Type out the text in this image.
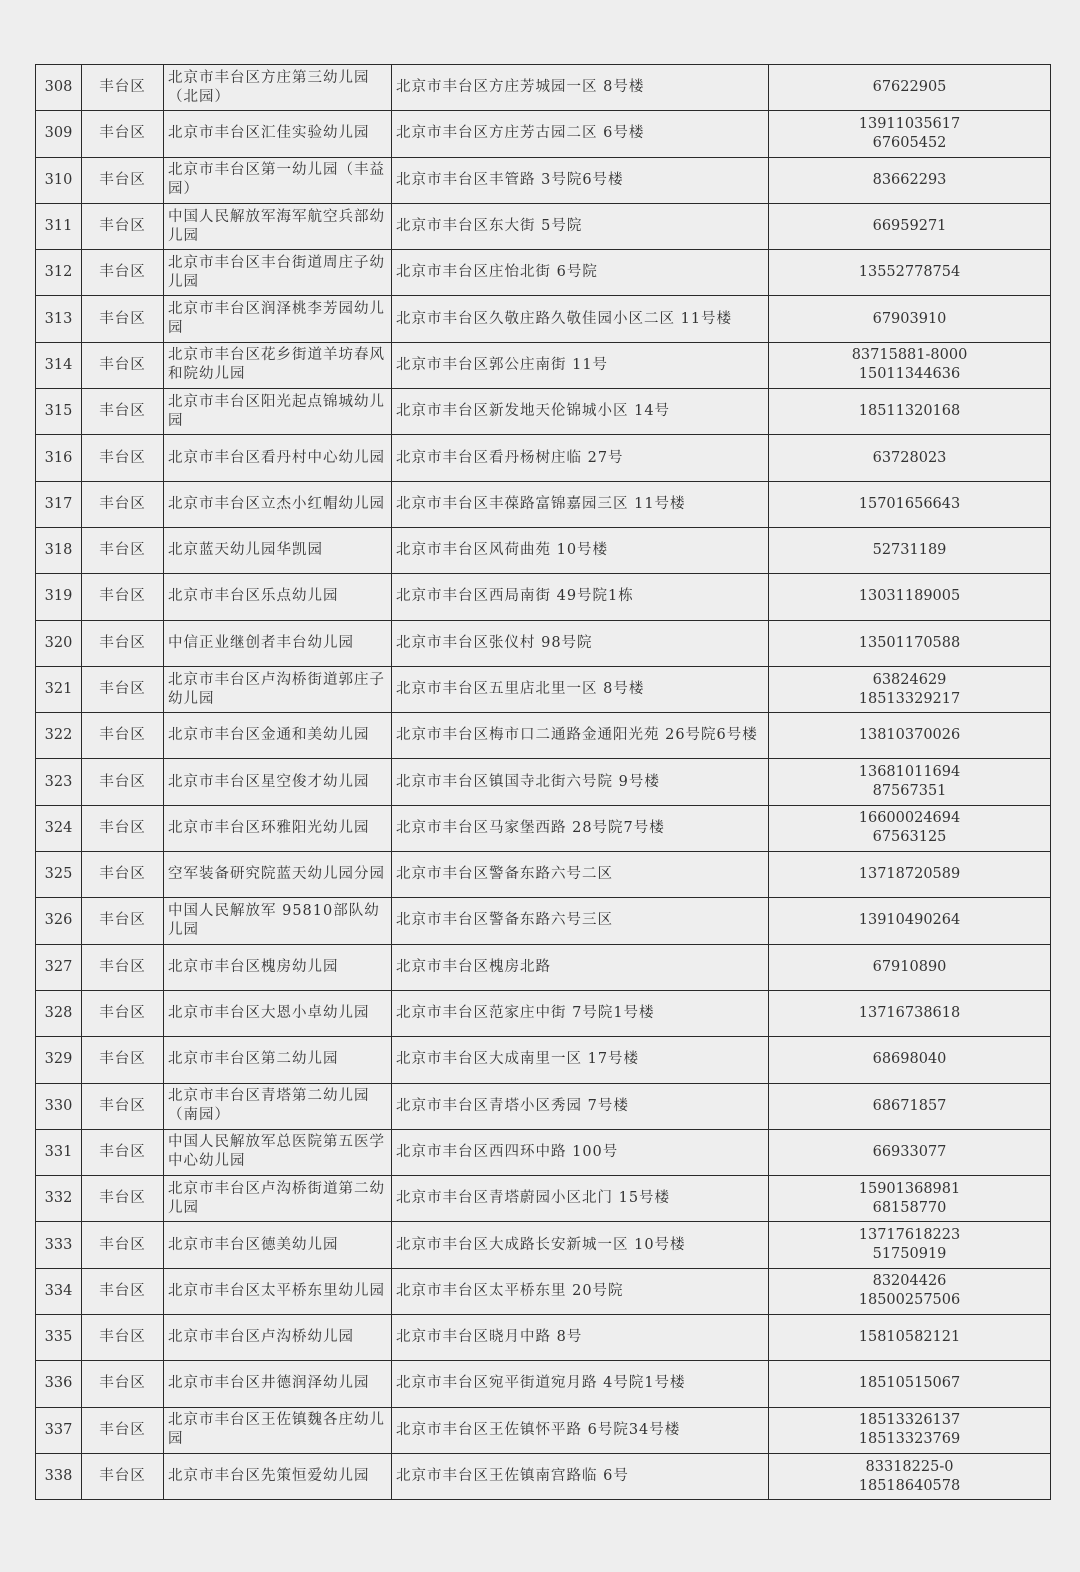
308	丰台区	北京市丰台区方庄第三幼儿园（北园）	北京市丰台区方庄芳城园一区 8号楼	67622905

309	丰台区	北京市丰台区汇佳实验幼儿园	北京市丰台区方庄芳古园二区 6号楼	13911035617
67605452

310	丰台区	北京市丰台区第一幼儿园（丰益园）	北京市丰台区丰管路 3号院6号楼	83662293

311	丰台区	中国人民解放军海军航空兵部幼儿园	北京市丰台区东大街 5号院	66959271

312	丰台区	北京市丰台区丰台街道周庄子幼儿园	北京市丰台区庄怡北街 6号院	13552778754

313	丰台区	北京市丰台区润泽桃李芳园幼儿园	北京市丰台区久敬庄路久敬佳园小区二区 11号楼	67903910

314	丰台区	北京市丰台区花乡街道羊坊春风和院幼儿园	北京市丰台区郭公庄南街 11号	83715881-8000
15011344636

315	丰台区	北京市丰台区阳光起点锦城幼儿园	北京市丰台区新发地天伦锦城小区 14号	18511320168

316	丰台区	北京市丰台区看丹村中心幼儿园	北京市丰台区看丹杨树庄临 27号	63728023

317	丰台区	北京市丰台区立杰小红帽幼儿园	北京市丰台区丰葆路富锦嘉园三区 11号楼	15701656643

318	丰台区	北京蓝天幼儿园华凯园	北京市丰台区风荷曲苑 10号楼	52731189

319	丰台区	北京市丰台区乐点幼儿园	北京市丰台区西局南街 49号院1栋	13031189005

320	丰台区	中信正业继创者丰台幼儿园	北京市丰台区张仪村 98号院	13501170588

321	丰台区	北京市丰台区卢沟桥街道郭庄子幼儿园	北京市丰台区五里店北里一区 8号楼	63824629
18513329217

322	丰台区	北京市丰台区金通和美幼儿园	北京市丰台区梅市口二通路金通阳光苑 26号院6号楼	13810370026

323	丰台区	北京市丰台区星空俊才幼儿园	北京市丰台区镇国寺北街六号院 9号楼	13681011694
87567351

324	丰台区	北京市丰台区环雅阳光幼儿园	北京市丰台区马家堡西路 28号院7号楼	16600024694
67563125

325	丰台区	空军装备研究院蓝天幼儿园分园	北京市丰台区警备东路六号二区	13718720589

326	丰台区	中国人民解放军 95810部队幼儿园	北京市丰台区警备东路六号三区	13910490264

327	丰台区	北京市丰台区槐房幼儿园	北京市丰台区槐房北路	67910890

328	丰台区	北京市丰台区大恩小卓幼儿园	北京市丰台区范家庄中街 7号院1号楼	13716738618

329	丰台区	北京市丰台区第二幼儿园	北京市丰台区大成南里一区 17号楼	68698040

330	丰台区	北京市丰台区青塔第二幼儿园（南园）	北京市丰台区青塔小区秀园 7号楼	68671857

331	丰台区	中国人民解放军总医院第五医学中心幼儿园	北京市丰台区西四环中路 100号	66933077

332	丰台区	北京市丰台区卢沟桥街道第二幼儿园	北京市丰台区青塔蔚园小区北门 15号楼	15901368981
68158770

333	丰台区	北京市丰台区德美幼儿园	北京市丰台区大成路长安新城一区 10号楼	13717618223
51750919

334	丰台区	北京市丰台区太平桥东里幼儿园	北京市丰台区太平桥东里 20号院	83204426
18500257506

335	丰台区	北京市丰台区卢沟桥幼儿园	北京市丰台区晓月中路 8号	15810582121

336	丰台区	北京市丰台区井德润泽幼儿园	北京市丰台区宛平街道宛月路 4号院1号楼	18510515067

337	丰台区	北京市丰台区王佐镇魏各庄幼儿园	北京市丰台区王佐镇怀平路 6号院34号楼	18513326137
18513323769

338	丰台区	北京市丰台区先策恒爱幼儿园	北京市丰台区王佐镇南宫路临 6号	83318225-0
18518640578
